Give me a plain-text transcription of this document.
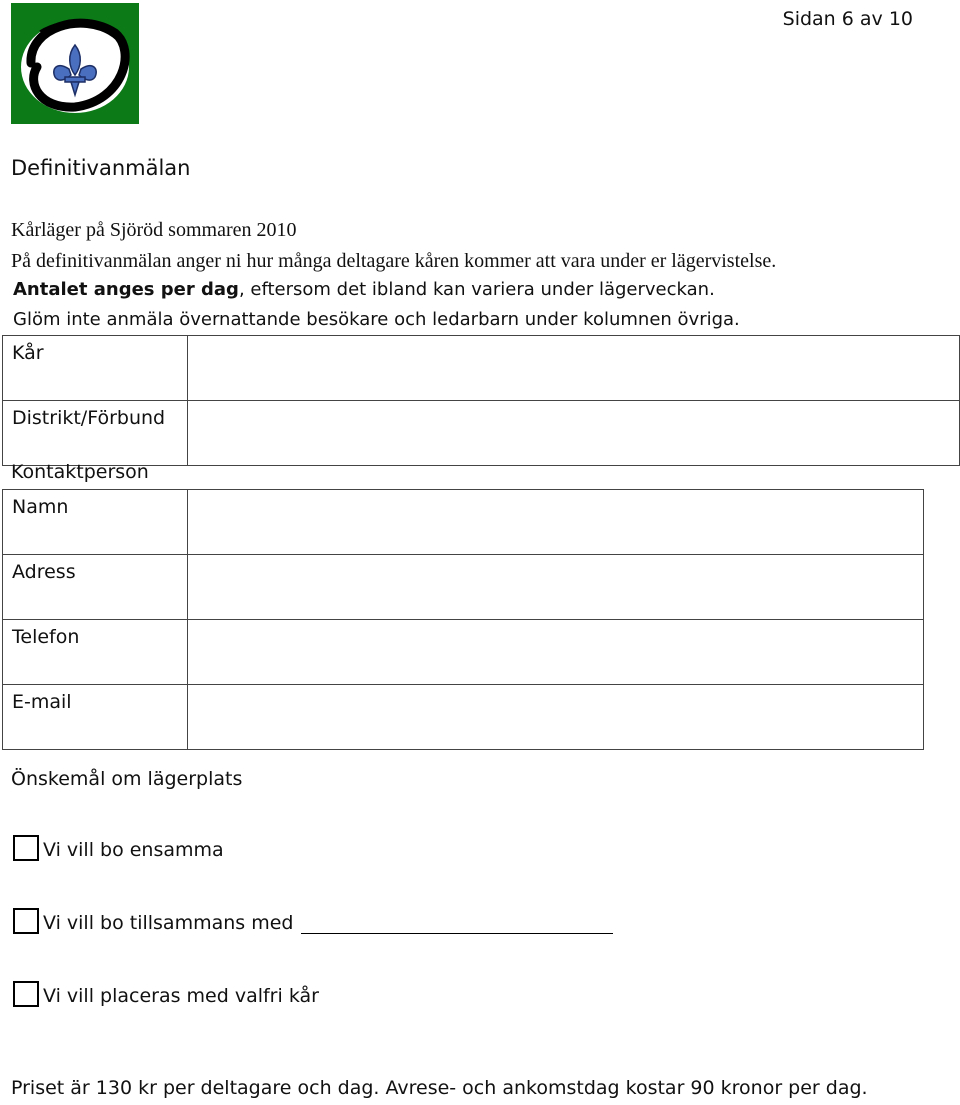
Sidan 6 av 10
Definitivanmälan
Kårläger på Sjöröd sommaren 2010
På definitivanmälan anger ni hur många deltagare kåren kommer att vara under er lägervistelse.
Antalet anges per dag, eftersom det ibland kan variera under lägerveckan.
Glöm inte anmäla övernattande besökare och ledarbarn under kolumnen övriga.
Kår	
Distrikt/Förbund	
Kontaktperson
Namn	
Adress	
Telefon	
E-mail	
Önskemål om lägerplats
Vi vill bo ensamma
Vi vill bo tillsammans med
Vi vill placeras med valfri kår
Priset är 130 kr per deltagare och dag. Avrese- och ankomstdag kostar 90 kronor per dag.
